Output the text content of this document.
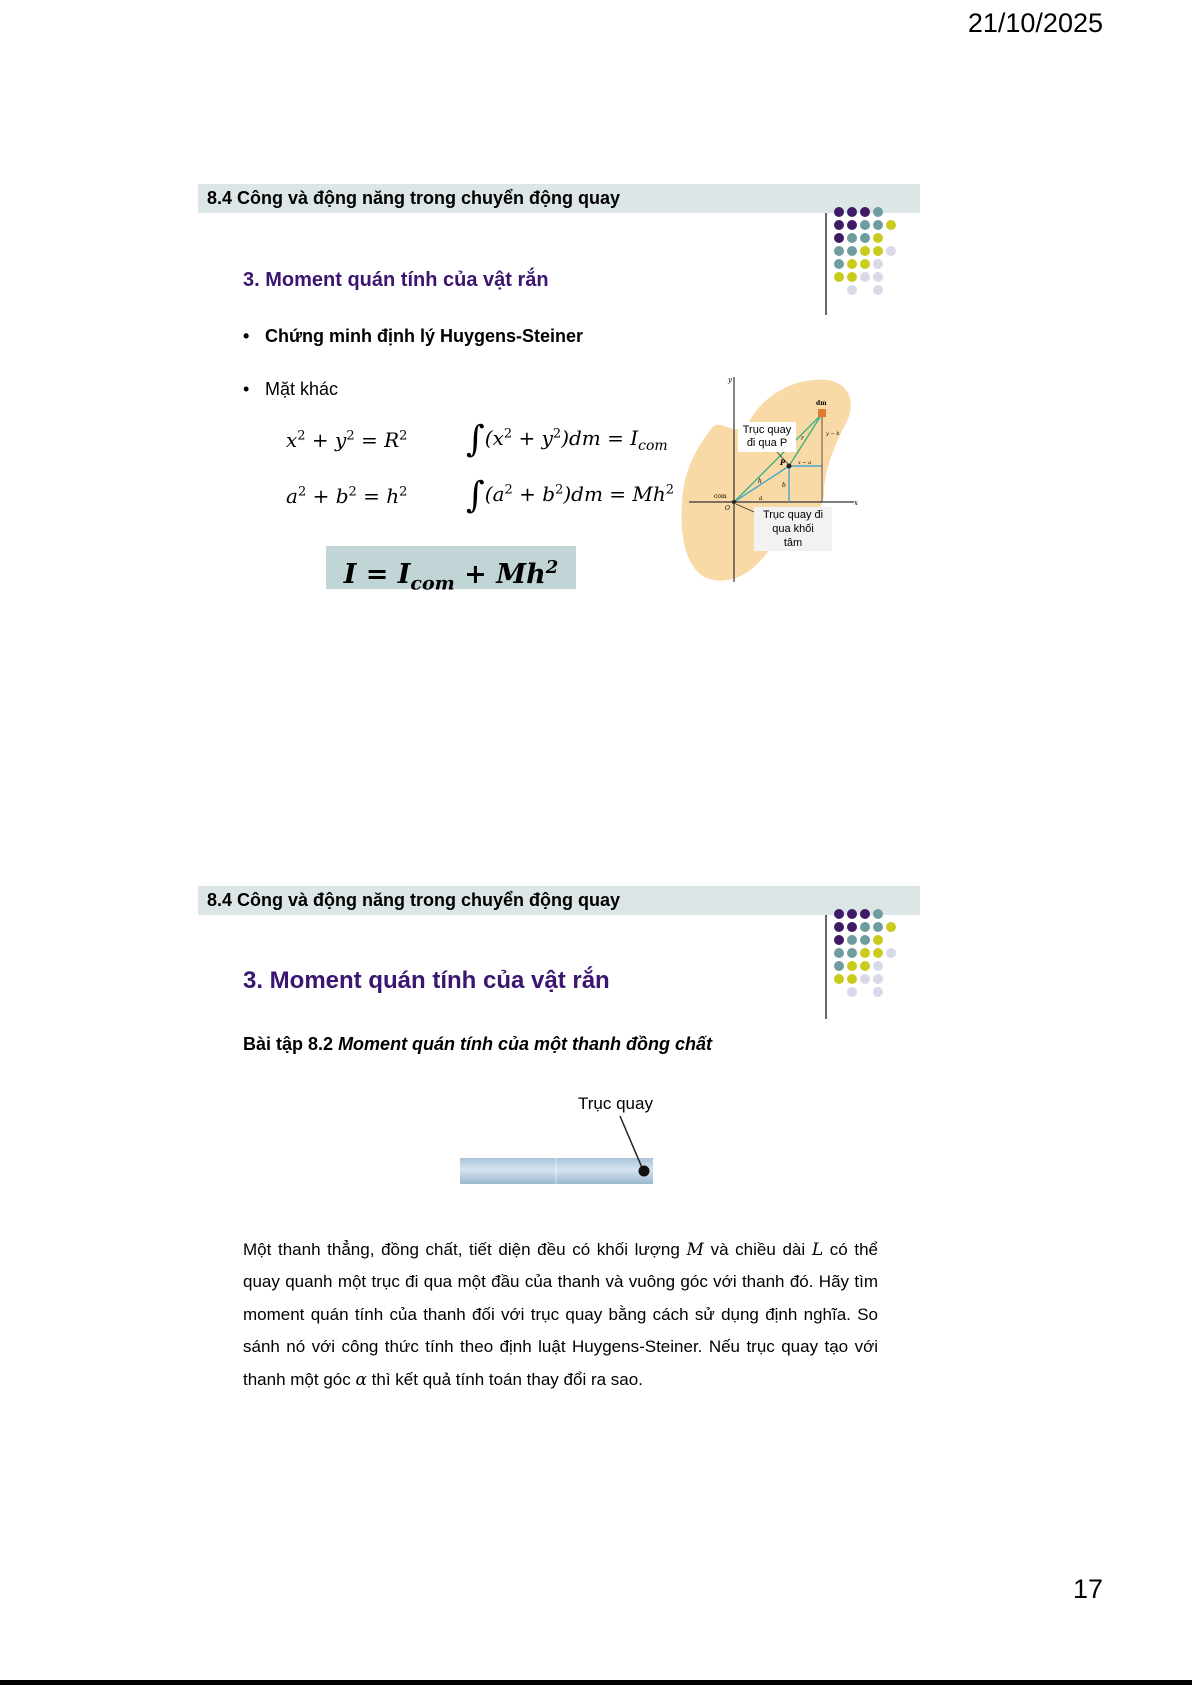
21/10/2025
8.4 Công và động năng trong chuyển động quay
3. Moment quán tính của vật rắn
• Chứng minh định lý Huygens-Steiner
• Mặt khác
$x^2 + y^2 = R^2$ $\int(x^2 + y^2)dm = I_{com}$
$a^2 + b^2 = h^2$ $\int(a^2 + b^2)dm = Mh^2$
$I = I_{com} + Mh^2$
y
x
dm
com
O
P
r
h
a
b
x − a
y − b
Trục quay
đi qua P
Trục quay đi
qua khối
tâm
8.4 Công và động năng trong chuyển động quay
3. Moment quán tính của vật rắn
Bài tập 8.2 Moment quán tính của một thanh đồng chất
Trục quay
Một thanh thẳng, đồng chất, tiết diện đều có khối lượng M và chiều dài L có thể quay quanh một trục đi qua một đầu của thanh và vuông góc với thanh đó. Hãy tìm moment quán tính của thanh đối với trục quay bằng cách sử dụng định nghĩa. So sánh nó với công thức tính theo định luật Huygens-Steiner. Nếu trục quay tạo với thanh một góc α thì kết quả tính toán thay đổi ra sao.
17
